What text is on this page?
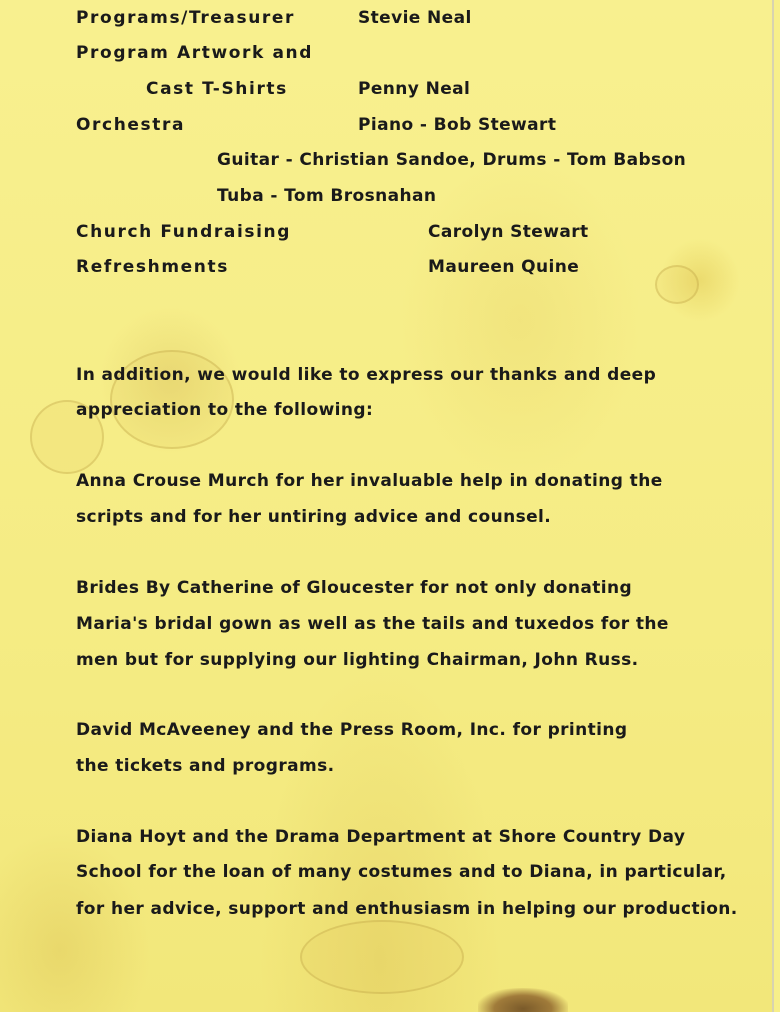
Programs/Treasurer	Stevie Neal
Program Artwork and
Cast T-Shirts	Penny Neal
Orchestra	Piano - Bob Stewart
Guitar - Christian Sandoe, Drums - Tom Babson
Tuba - Tom Brosnahan
Church Fundraising	Carolyn Stewart
Refreshments	Maureen Quine
In addition, we would like to express our thanks and deep
appreciation to the following:
Anna Crouse Murch for her invaluable help in donating the
scripts and for her untiring advice and counsel.
Brides By Catherine of Gloucester for not only donating
Maria's bridal gown as well as the tails and tuxedos for the
men but for supplying our lighting Chairman, John Russ.
David McAveeney and the Press Room, Inc. for printing
the tickets and programs.
Diana Hoyt and the Drama Department at Shore Country Day
School for the loan of many costumes and to Diana, in particular,
for her advice, support and enthusiasm in helping our production.
